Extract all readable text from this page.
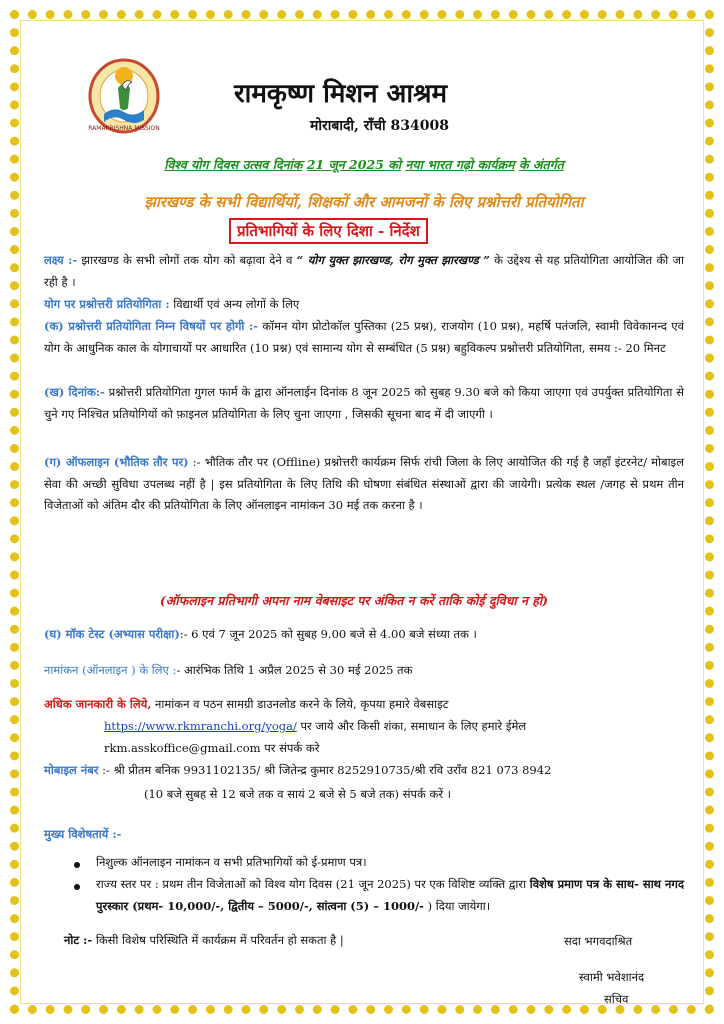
RAMAKRISHNA MISSION
रामकृष्ण मिशन आश्रम
मोराबादी, राँची 834008
विश्व योग दिवस उत्सव दिनांक 21 जून 2025 को नया भारत गढ़ो कार्यक्रम के अंतर्गत
झारखण्ड के सभी विद्यार्थियों, शिक्षकों और आमजनों के लिए प्रश्नोत्तरी प्रतियोगिता
प्रतिभागियों के लिए दिशा - निर्देश
लक्ष्य :- झारखण्ड के सभी लोगों तक योग को बढ़ावा देने व “ योग युक्त झारखण्ड, रोग मुक्त झारखण्ड ” के उद्देश्य से यह प्रतियोगिता आयोजित की जा रही है ।
योग पर प्रश्नोत्तरी प्रतियोगिता : विद्यार्थी एवं अन्य लोगों के लिए
(क) प्रश्नोत्तरी प्रतियोगिता निम्न विषयों पर होगी :- कॉमन योग प्रोटोकॉल पुस्तिका (25 प्रश्न), राजयोग (10 प्रश्न), महर्षि पतंजलि, स्वामी विवेकानन्द एवं योग के आधुनिक काल के योगाचार्यो पर आधारित (10 प्रश्न) एवं सामान्य योग से सम्बंधित (5 प्रश्न) बहुविकल्प प्रश्नोत्तरी प्रतियोगिता, समय :- 20 मिनट
(ख) दिनांक:- प्रश्नोत्तरी प्रतियोगिता गुगल फार्म के द्वारा ऑनलाईन दिनांक 8 जून 2025 को सुबह 9.30 बजे को किया जाएगा एवं उपर्युक्त प्रतियोगिता से चुने गए निश्चित प्रतियोगियों को फ़ाइनल प्रतियोगिता के लिए चुना जाएगा , जिसकी सूचना बाद में दी जाएगी ।
(ग) ऑफलाइन (भौतिक तौर पर) :- भौतिक तौर पर (Offline) प्रश्नोत्तरी कार्यक्रम सिर्फ रांची जिला के लिए आयोजित की गई है जहाँ इंटरनेट/ मोबाइल सेवा की अच्छी सुविधा उपलब्ध नहीं है | इस प्रतियोगिता के लिए तिथि की घोषणा संबंधित संस्थाओं द्वारा की जायेगी। प्रत्येक स्थल /जगह से प्रथम तीन विजेताओं को अंतिम दौर की प्रतियोगिता के लिए ऑनलाइन नामांकन 30 मई तक करना है ।
(ऑफलाइन प्रतिभागी अपना नाम वेबसाइट पर अंकित न करें ताकि कोई दुविधा न हो)
(घ) मॉक टेस्ट (अभ्यास परीक्षा):- 6 एवं 7 जून 2025 को सुबह 9.00 बजे से 4.00 बजे संध्या तक ।
नामांकन (ऑनलाइन ) के लिए :- आरंभिक तिथि 1 अप्रैल 2025 से 30 मई 2025 तक
अधिक जानकारी के लिये, नामांकन व पठन सामग्री डाउनलोड करने के लिये, कृपया हमारे वेबसाइट
https://www.rkmranchi.org/yoga/ पर जाये और किसी शंका, समाधान के लिए हमारे ईमेल
rkm.asskoffice@gmail.com पर संपर्क करे
मोबाइल नंबर :- श्री प्रीतम बनिक 9931102135/ श्री जितेन्द्र कुमार 8252910735/श्री रवि उराँव 821 073 8942
(10 बजे सुबह से 12 बजे तक व सायं 2 बजे से 5 बजे तक) संपर्क करें ।
मुख्य विशेषतायें :-
निशुल्क ऑनलाइन नामांकन व सभी प्रतिभागियों को ई-प्रमाण पत्र।
राज्य स्तर पर : प्रथम तीन विजेताओं को विश्व योग दिवस (21 जून 2025) पर एक विशिष्ट व्यक्ति द्वारा विशेष प्रमाण पत्र के साथ- साथ नगद पुरस्कार (प्रथम- 10,000/-, द्वितीय – 5000/-, सांत्वना (5) – 1000/- ) दिया जायेगा।
नोट :- किसी विशेष परिस्थिति में कार्यक्रम में परिवर्तन हो सकता है |	सदा भगवदाश्रित
स्वामी भवेशानंद
सचिव
